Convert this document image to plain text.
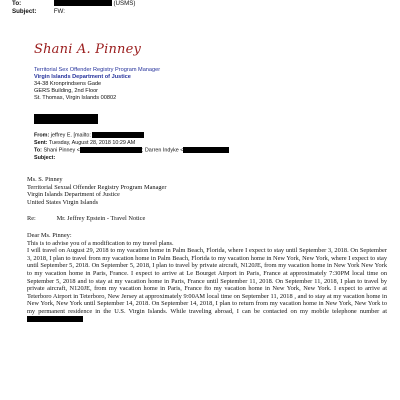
To:	(USMS)
Subject:	FW:
Shani A. Pinney
Territorial Sex Offender Registry Program Manager
Virgin Islands Department of Justice
34-38 Kronprindsens Gade
GERS Building, 2nd Floor
St. Thomas, Virgin Islands 00802
From: jeffrey E. [mailto:
Sent: Tuesday, August 28, 2018 10:29 AM
To: Shani Pinney <	; Darren Indyke <
Subject:

Ms. S. Pinney

Territorial Sexual Offender Registry Program Manager

Virgin Islands Department of Justice

United States Virgin Islands

Re:	Mr. Jeffrey Epstein - Travel Notice

Dear Ms. Pinney:

This is to advise you of a modification to my travel plans.

I will travel on August 29, 2018 to my vacation home in Palm Beach, Florida, where I expect to stay until September 3, 2018. On September 3, 2018, I plan to travel from my vacation home in Palm Beach, Florida to my vacation home in New York, New York, where I expect to stay until September 5, 2018. On September 5, 2018, I plan to travel by private aircraft, N120JE, from my vacation home in New York New York to my vacation home in Paris, France. I expect to arrive at Le Bourget Airport in Paris, France at approximately 7:30PM local time on September 5, 2018 and to stay at my vacation home in Paris, France until September 11, 2018. On September 11, 2018, I plan to travel by private aircraft, N120JE, from my vacation home in Paris, France fto my vacation home in New York, New York. I expect to arrive at Teterboro Airport in Teterboro, New Jersey at approximately 9:00AM local time on September 11, 2018 , and to stay at my vacation home in New York, New York until September 14, 2018. On September 14, 2018, I plan to return from my vacation home in New York, New York to my permanent residence in the U.S. Virgin Islands. While traveling abroad, I can be contacted on my mobile telephone number at
